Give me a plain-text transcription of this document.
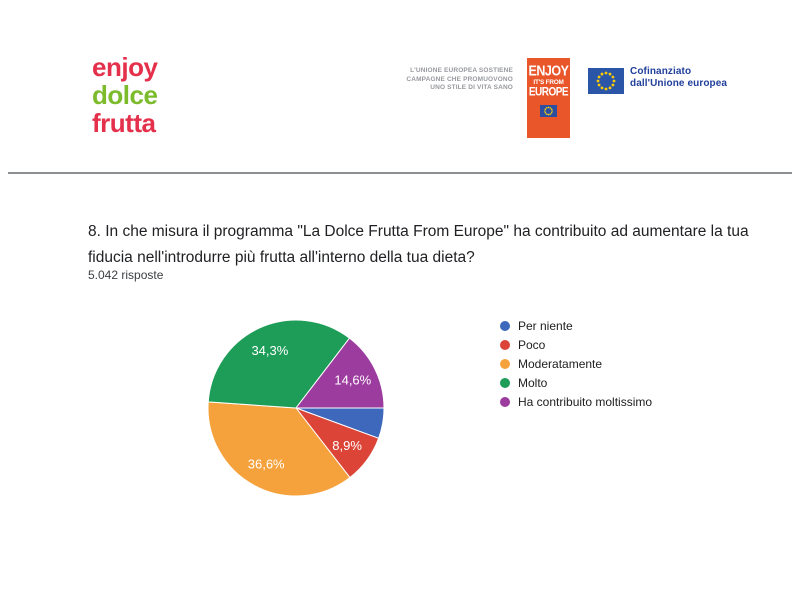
enjoy
dolce
frutta
L'UNIONE EUROPEA SOSTIENE
CAMPAGNE CHE PROMUOVONO
UNO STILE DI VITA SANO
ENJOY
IT'S FROM
EUROPE
Cofinanziato
dall'Unione europea
8. In che misura il programma "La Dolce Frutta From Europe" ha contribuito ad aumentare la tua fiducia nell'introdurre più frutta all'interno della tua dieta?
5.042 risposte
8,9%
36,6%
34,3%
14,6%
Per niente
Poco
Moderatamente
Molto
Ha contribuito moltissimo
